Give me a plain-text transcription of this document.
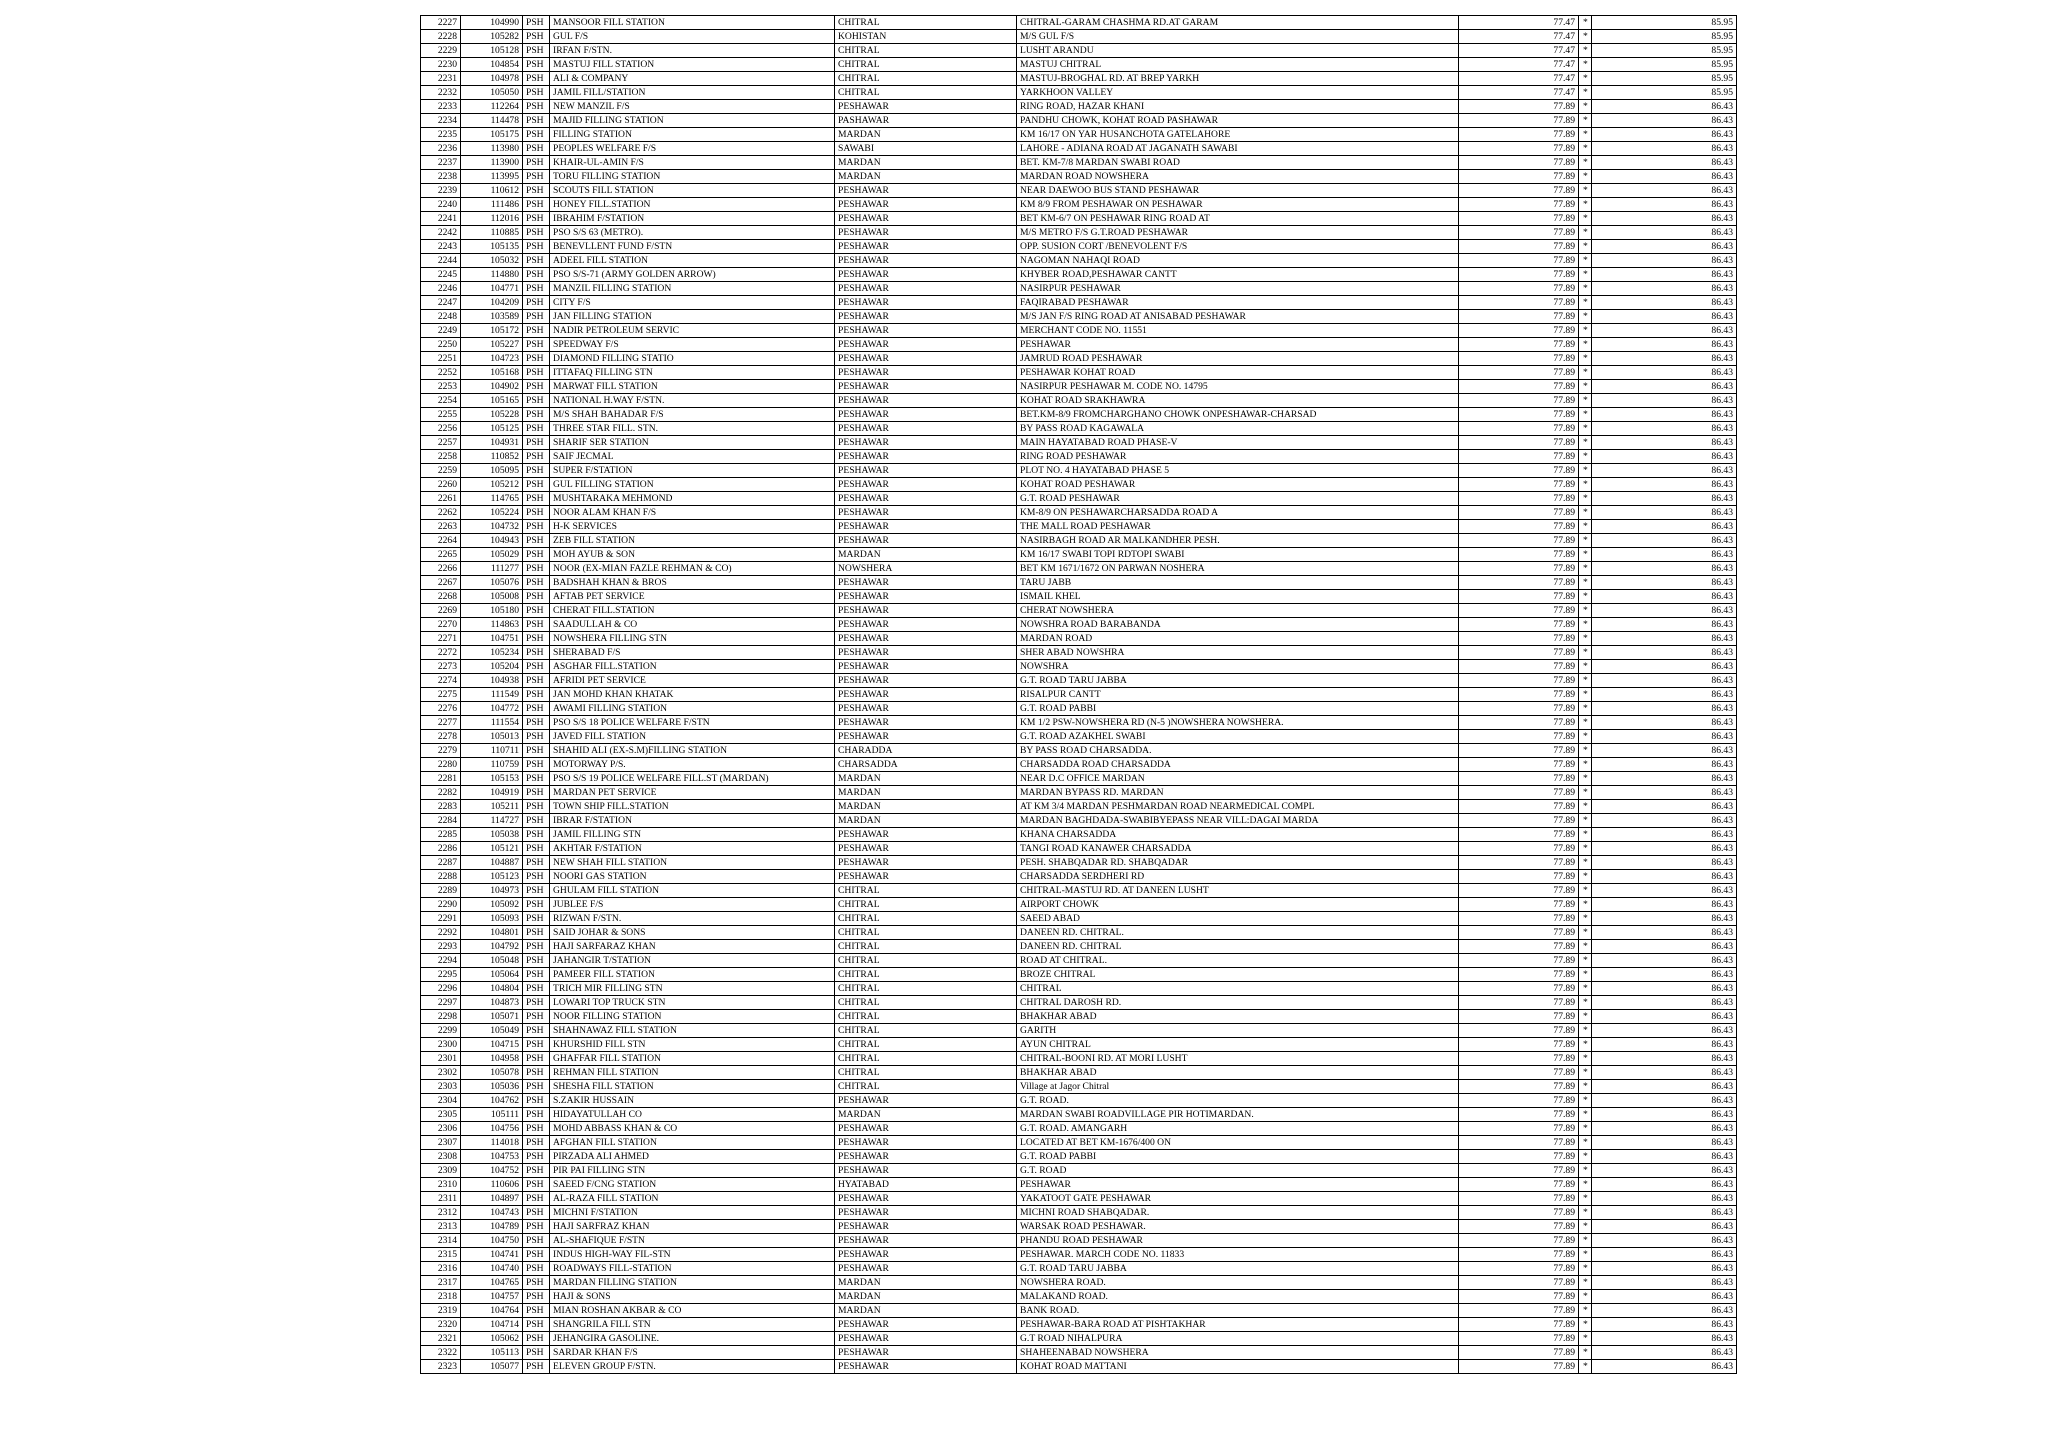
2227	104990	PSH	MANSOOR FILL STATION	CHITRAL	CHITRAL-GARAM CHASHMA RD.AT GARAM	77.47	*	85.95
2228	105282	PSH	GUL F/S	KOHISTAN	M/S GUL F/S	77.47	*	85.95
2229	105128	PSH	IRFAN F/STN.	CHITRAL	LUSHT ARANDU	77.47	*	85.95
2230	104854	PSH	MASTUJ FILL STATION	CHITRAL	MASTUJ CHITRAL	77.47	*	85.95
2231	104978	PSH	ALI & COMPANY	CHITRAL	MASTUJ-BROGHAL RD. AT BREP YARKH	77.47	*	85.95
2232	105050	PSH	JAMIL FILL/STATION	CHITRAL	YARKHOON VALLEY	77.47	*	85.95
2233	112264	PSH	NEW MANZIL F/S	PESHAWAR	RING ROAD, HAZAR KHANI	77.89	*	86.43
2234	114478	PSH	MAJID FILLING STATION	PASHAWAR	PANDHU CHOWK, KOHAT ROAD PASHAWAR	77.89	*	86.43
2235	105175	PSH	FILLING STATION	MARDAN	KM 16/17 ON YAR HUSANCHOTA GATELAHORE	77.89	*	86.43
2236	113980	PSH	PEOPLES WELFARE F/S	SAWABI	LAHORE - ADIANA ROAD AT JAGANATH SAWABI	77.89	*	86.43
2237	113900	PSH	KHAIR-UL-AMIN F/S	MARDAN	BET. KM-7/8 MARDAN SWABI ROAD	77.89	*	86.43
2238	113995	PSH	TORU FILLING STATION	MARDAN	MARDAN ROAD NOWSHERA	77.89	*	86.43
2239	110612	PSH	SCOUTS FILL STATION	PESHAWAR	NEAR DAEWOO BUS STAND PESHAWAR	77.89	*	86.43
2240	111486	PSH	HONEY FILL.STATION	PESHAWAR	KM 8/9 FROM PESHAWAR ON PESHAWAR	77.89	*	86.43
2241	112016	PSH	IBRAHIM F/STATION	PESHAWAR	BET KM-6/7 ON PESHAWAR RING ROAD AT	77.89	*	86.43
2242	110885	PSH	PSO S/S 63 (METRO).	PESHAWAR	M/S METRO F/S G.T.ROAD PESHAWAR	77.89	*	86.43
2243	105135	PSH	BENEVLLENT FUND F/STN	PESHAWAR	OPP. SUSION CORT /BENEVOLENT F/S	77.89	*	86.43
2244	105032	PSH	ADEEL FILL STATION	PESHAWAR	NAGOMAN NAHAQI ROAD	77.89	*	86.43
2245	114880	PSH	PSO S/S-71 (ARMY GOLDEN ARROW)	PESHAWAR	KHYBER ROAD,PESHAWAR CANTT	77.89	*	86.43
2246	104771	PSH	MANZIL FILLING STATION	PESHAWAR	NASIRPUR PESHAWAR	77.89	*	86.43
2247	104209	PSH	CITY F/S	PESHAWAR	FAQIRABAD PESHAWAR	77.89	*	86.43
2248	103589	PSH	JAN FILLING STATION	PESHAWAR	M/S JAN F/S RING ROAD AT ANISABAD PESHAWAR	77.89	*	86.43
2249	105172	PSH	NADIR PETROLEUM SERVIC	PESHAWAR	MERCHANT CODE NO. 11551	77.89	*	86.43
2250	105227	PSH	SPEEDWAY F/S	PESHAWAR	PESHAWAR	77.89	*	86.43
2251	104723	PSH	DIAMOND FILLING STATIO	PESHAWAR	JAMRUD ROAD PESHAWAR	77.89	*	86.43
2252	105168	PSH	ITTAFAQ FILLING STN	PESHAWAR	PESHAWAR KOHAT ROAD	77.89	*	86.43
2253	104902	PSH	MARWAT FILL STATION	PESHAWAR	NASIRPUR PESHAWAR M. CODE NO. 14795	77.89	*	86.43
2254	105165	PSH	NATIONAL H.WAY F/STN.	PESHAWAR	KOHAT ROAD SRAKHAWRA	77.89	*	86.43
2255	105228	PSH	M/S SHAH BAHADAR F/S	PESHAWAR	BET.KM-8/9 FROMCHARGHANO CHOWK ONPESHAWAR-CHARSAD	77.89	*	86.43
2256	105125	PSH	THREE STAR FILL. STN.	PESHAWAR	BY PASS ROAD KAGAWALA	77.89	*	86.43
2257	104931	PSH	SHARIF SER STATION	PESHAWAR	MAIN HAYATABAD ROAD PHASE-V	77.89	*	86.43
2258	110852	PSH	SAIF JECMAL	PESHAWAR	RING ROAD PESHAWAR	77.89	*	86.43
2259	105095	PSH	SUPER F/STATION	PESHAWAR	PLOT NO. 4 HAYATABAD PHASE 5	77.89	*	86.43
2260	105212	PSH	GUL FILLING STATION	PESHAWAR	KOHAT ROAD PESHAWAR	77.89	*	86.43
2261	114765	PSH	MUSHTARAKA MEHMOND	PESHAWAR	G.T. ROAD PESHAWAR	77.89	*	86.43
2262	105224	PSH	NOOR ALAM KHAN F/S	PESHAWAR	KM-8/9 ON PESHAWARCHARSADDA ROAD A	77.89	*	86.43
2263	104732	PSH	H-K SERVICES	PESHAWAR	THE MALL ROAD PESHAWAR	77.89	*	86.43
2264	104943	PSH	ZEB FILL STATION	PESHAWAR	NASIRBAGH ROAD AR MALKANDHER PESH.	77.89	*	86.43
2265	105029	PSH	MOH AYUB & SON	MARDAN	KM 16/17 SWABI TOPI RDTOPI SWABI	77.89	*	86.43
2266	111277	PSH	NOOR (EX-MIAN FAZLE REHMAN & CO)	NOWSHERA	BET KM 1671/1672 ON PARWAN NOSHERA	77.89	*	86.43
2267	105076	PSH	BADSHAH KHAN & BROS	PESHAWAR	TARU JABB	77.89	*	86.43
2268	105008	PSH	AFTAB PET SERVICE	PESHAWAR	ISMAIL KHEL	77.89	*	86.43
2269	105180	PSH	CHERAT FILL.STATION	PESHAWAR	CHERAT NOWSHERA	77.89	*	86.43
2270	114863	PSH	SAADULLAH & CO	PESHAWAR	NOWSHRA ROAD BARABANDA	77.89	*	86.43
2271	104751	PSH	NOWSHERA FILLING STN	PESHAWAR	MARDAN ROAD	77.89	*	86.43
2272	105234	PSH	SHERABAD F/S	PESHAWAR	SHER ABAD NOWSHRA	77.89	*	86.43
2273	105204	PSH	ASGHAR FILL.STATION	PESHAWAR	NOWSHRA	77.89	*	86.43
2274	104938	PSH	AFRIDI PET SERVICE	PESHAWAR	G.T. ROAD TARU JABBA	77.89	*	86.43
2275	111549	PSH	JAN MOHD KHAN KHATAK	PESHAWAR	RISALPUR CANTT	77.89	*	86.43
2276	104772	PSH	AWAMI FILLING STATION	PESHAWAR	G.T. ROAD PABBI	77.89	*	86.43
2277	111554	PSH	PSO S/S 18 POLICE WELFARE F/STN	PESHAWAR	KM 1/2 PSW-NOWSHERA RD (N-5 )NOWSHERA NOWSHERA.	77.89	*	86.43
2278	105013	PSH	JAVED FILL STATION	PESHAWAR	G.T. ROAD AZAKHEL SWABI	77.89	*	86.43
2279	110711	PSH	SHAHID ALI (EX-S.M)FILLING STATION	CHARADDA	BY PASS ROAD CHARSADDA.	77.89	*	86.43
2280	110759	PSH	MOTORWAY P/S.	CHARSADDA	CHARSADDA ROAD CHARSADDA	77.89	*	86.43
2281	105153	PSH	PSO S/S 19 POLICE WELFARE FILL.ST (MARDAN)	MARDAN	NEAR D.C OFFICE MARDAN	77.89	*	86.43
2282	104919	PSH	MARDAN PET SERVICE	MARDAN	MARDAN BYPASS RD. MARDAN	77.89	*	86.43
2283	105211	PSH	TOWN SHIP FILL.STATION	MARDAN	AT KM 3/4 MARDAN PESHMARDAN ROAD NEARMEDICAL COMPL	77.89	*	86.43
2284	114727	PSH	IBRAR F/STATION	MARDAN	MARDAN BAGHDADA-SWABIBYEPASS NEAR VILL:DAGAI MARDA	77.89	*	86.43
2285	105038	PSH	JAMIL FILLING STN	PESHAWAR	KHANA CHARSADDA	77.89	*	86.43
2286	105121	PSH	AKHTAR F/STATION	PESHAWAR	TANGI ROAD KANAWER CHARSADDA	77.89	*	86.43
2287	104887	PSH	NEW SHAH FILL STATION	PESHAWAR	PESH. SHABQADAR RD. SHABQADAR	77.89	*	86.43
2288	105123	PSH	NOORI GAS STATION	PESHAWAR	CHARSADDA SERDHERI RD	77.89	*	86.43
2289	104973	PSH	GHULAM FILL STATION	CHITRAL	CHITRAL-MASTUJ RD. AT DANEEN LUSHT	77.89	*	86.43
2290	105092	PSH	JUBLEE F/S	CHITRAL	AIRPORT CHOWK	77.89	*	86.43
2291	105093	PSH	RIZWAN F/STN.	CHITRAL	SAEED ABAD	77.89	*	86.43
2292	104801	PSH	SAID JOHAR & SONS	CHITRAL	DANEEN RD. CHITRAL.	77.89	*	86.43
2293	104792	PSH	HAJI SARFARAZ KHAN	CHITRAL	DANEEN RD. CHITRAL	77.89	*	86.43
2294	105048	PSH	JAHANGIR T/STATION	CHITRAL	ROAD AT CHITRAL.	77.89	*	86.43
2295	105064	PSH	PAMEER FILL STATION	CHITRAL	BROZE CHITRAL	77.89	*	86.43
2296	104804	PSH	TRICH MIR FILLING STN	CHITRAL	CHITRAL	77.89	*	86.43
2297	104873	PSH	LOWARI TOP TRUCK STN	CHITRAL	CHITRAL DAROSH RD.	77.89	*	86.43
2298	105071	PSH	NOOR FILLING STATION	CHITRAL	BHAKHAR ABAD	77.89	*	86.43
2299	105049	PSH	SHAHNAWAZ FILL STATION	CHITRAL	GARITH	77.89	*	86.43
2300	104715	PSH	KHURSHID FILL STN	CHITRAL	AYUN CHITRAL	77.89	*	86.43
2301	104958	PSH	GHAFFAR FILL STATION	CHITRAL	CHITRAL-BOONI RD. AT MORI LUSHT	77.89	*	86.43
2302	105078	PSH	REHMAN FILL STATION	CHITRAL	BHAKHAR ABAD	77.89	*	86.43
2303	105036	PSH	SHESHA FILL STATION	CHITRAL	Village at Jagor Chitral	77.89	*	86.43
2304	104762	PSH	S.ZAKIR HUSSAIN	PESHAWAR	G.T. ROAD.	77.89	*	86.43
2305	105111	PSH	HIDAYATULLAH CO	MARDAN	MARDAN SWABI ROADVILLAGE PIR HOTIMARDAN.	77.89	*	86.43
2306	104756	PSH	MOHD ABBASS KHAN & CO	PESHAWAR	G.T. ROAD. AMANGARH	77.89	*	86.43
2307	114018	PSH	AFGHAN FILL STATION	PESHAWAR	LOCATED AT BET KM-1676/400 ON	77.89	*	86.43
2308	104753	PSH	PIRZADA ALI AHMED	PESHAWAR	G.T. ROAD PABBI	77.89	*	86.43
2309	104752	PSH	PIR PAI FILLING STN	PESHAWAR	G.T. ROAD	77.89	*	86.43
2310	110606	PSH	SAEED F/CNG STATION	HYATABAD	PESHAWAR	77.89	*	86.43
2311	104897	PSH	AL-RAZA FILL STATION	PESHAWAR	YAKATOOT GATE PESHAWAR	77.89	*	86.43
2312	104743	PSH	MICHNI F/STATION	PESHAWAR	MICHNI ROAD SHABQADAR.	77.89	*	86.43
2313	104789	PSH	HAJI SARFRAZ KHAN	PESHAWAR	WARSAK ROAD PESHAWAR.	77.89	*	86.43
2314	104750	PSH	AL-SHAFIQUE F/STN	PESHAWAR	PHANDU ROAD PESHAWAR	77.89	*	86.43
2315	104741	PSH	INDUS HIGH-WAY FIL-STN	PESHAWAR	PESHAWAR. MARCH CODE NO. 11833	77.89	*	86.43
2316	104740	PSH	ROADWAYS FILL-STATION	PESHAWAR	G.T. ROAD TARU JABBA	77.89	*	86.43
2317	104765	PSH	MARDAN FILLING STATION	MARDAN	NOWSHERA ROAD.	77.89	*	86.43
2318	104757	PSH	HAJI & SONS	MARDAN	MALAKAND ROAD.	77.89	*	86.43
2319	104764	PSH	MIAN ROSHAN AKBAR & CO	MARDAN	BANK ROAD.	77.89	*	86.43
2320	104714	PSH	SHANGRILA FILL STN	PESHAWAR	PESHAWAR-BARA ROAD AT PISHTAKHAR	77.89	*	86.43
2321	105062	PSH	JEHANGIRA GASOLINE.	PESHAWAR	G.T ROAD NIHALPURA	77.89	*	86.43
2322	105113	PSH	SARDAR KHAN F/S	PESHAWAR	SHAHEENABAD NOWSHERA	77.89	*	86.43
2323	105077	PSH	ELEVEN GROUP F/STN.	PESHAWAR	KOHAT ROAD MATTANI	77.89	*	86.43
